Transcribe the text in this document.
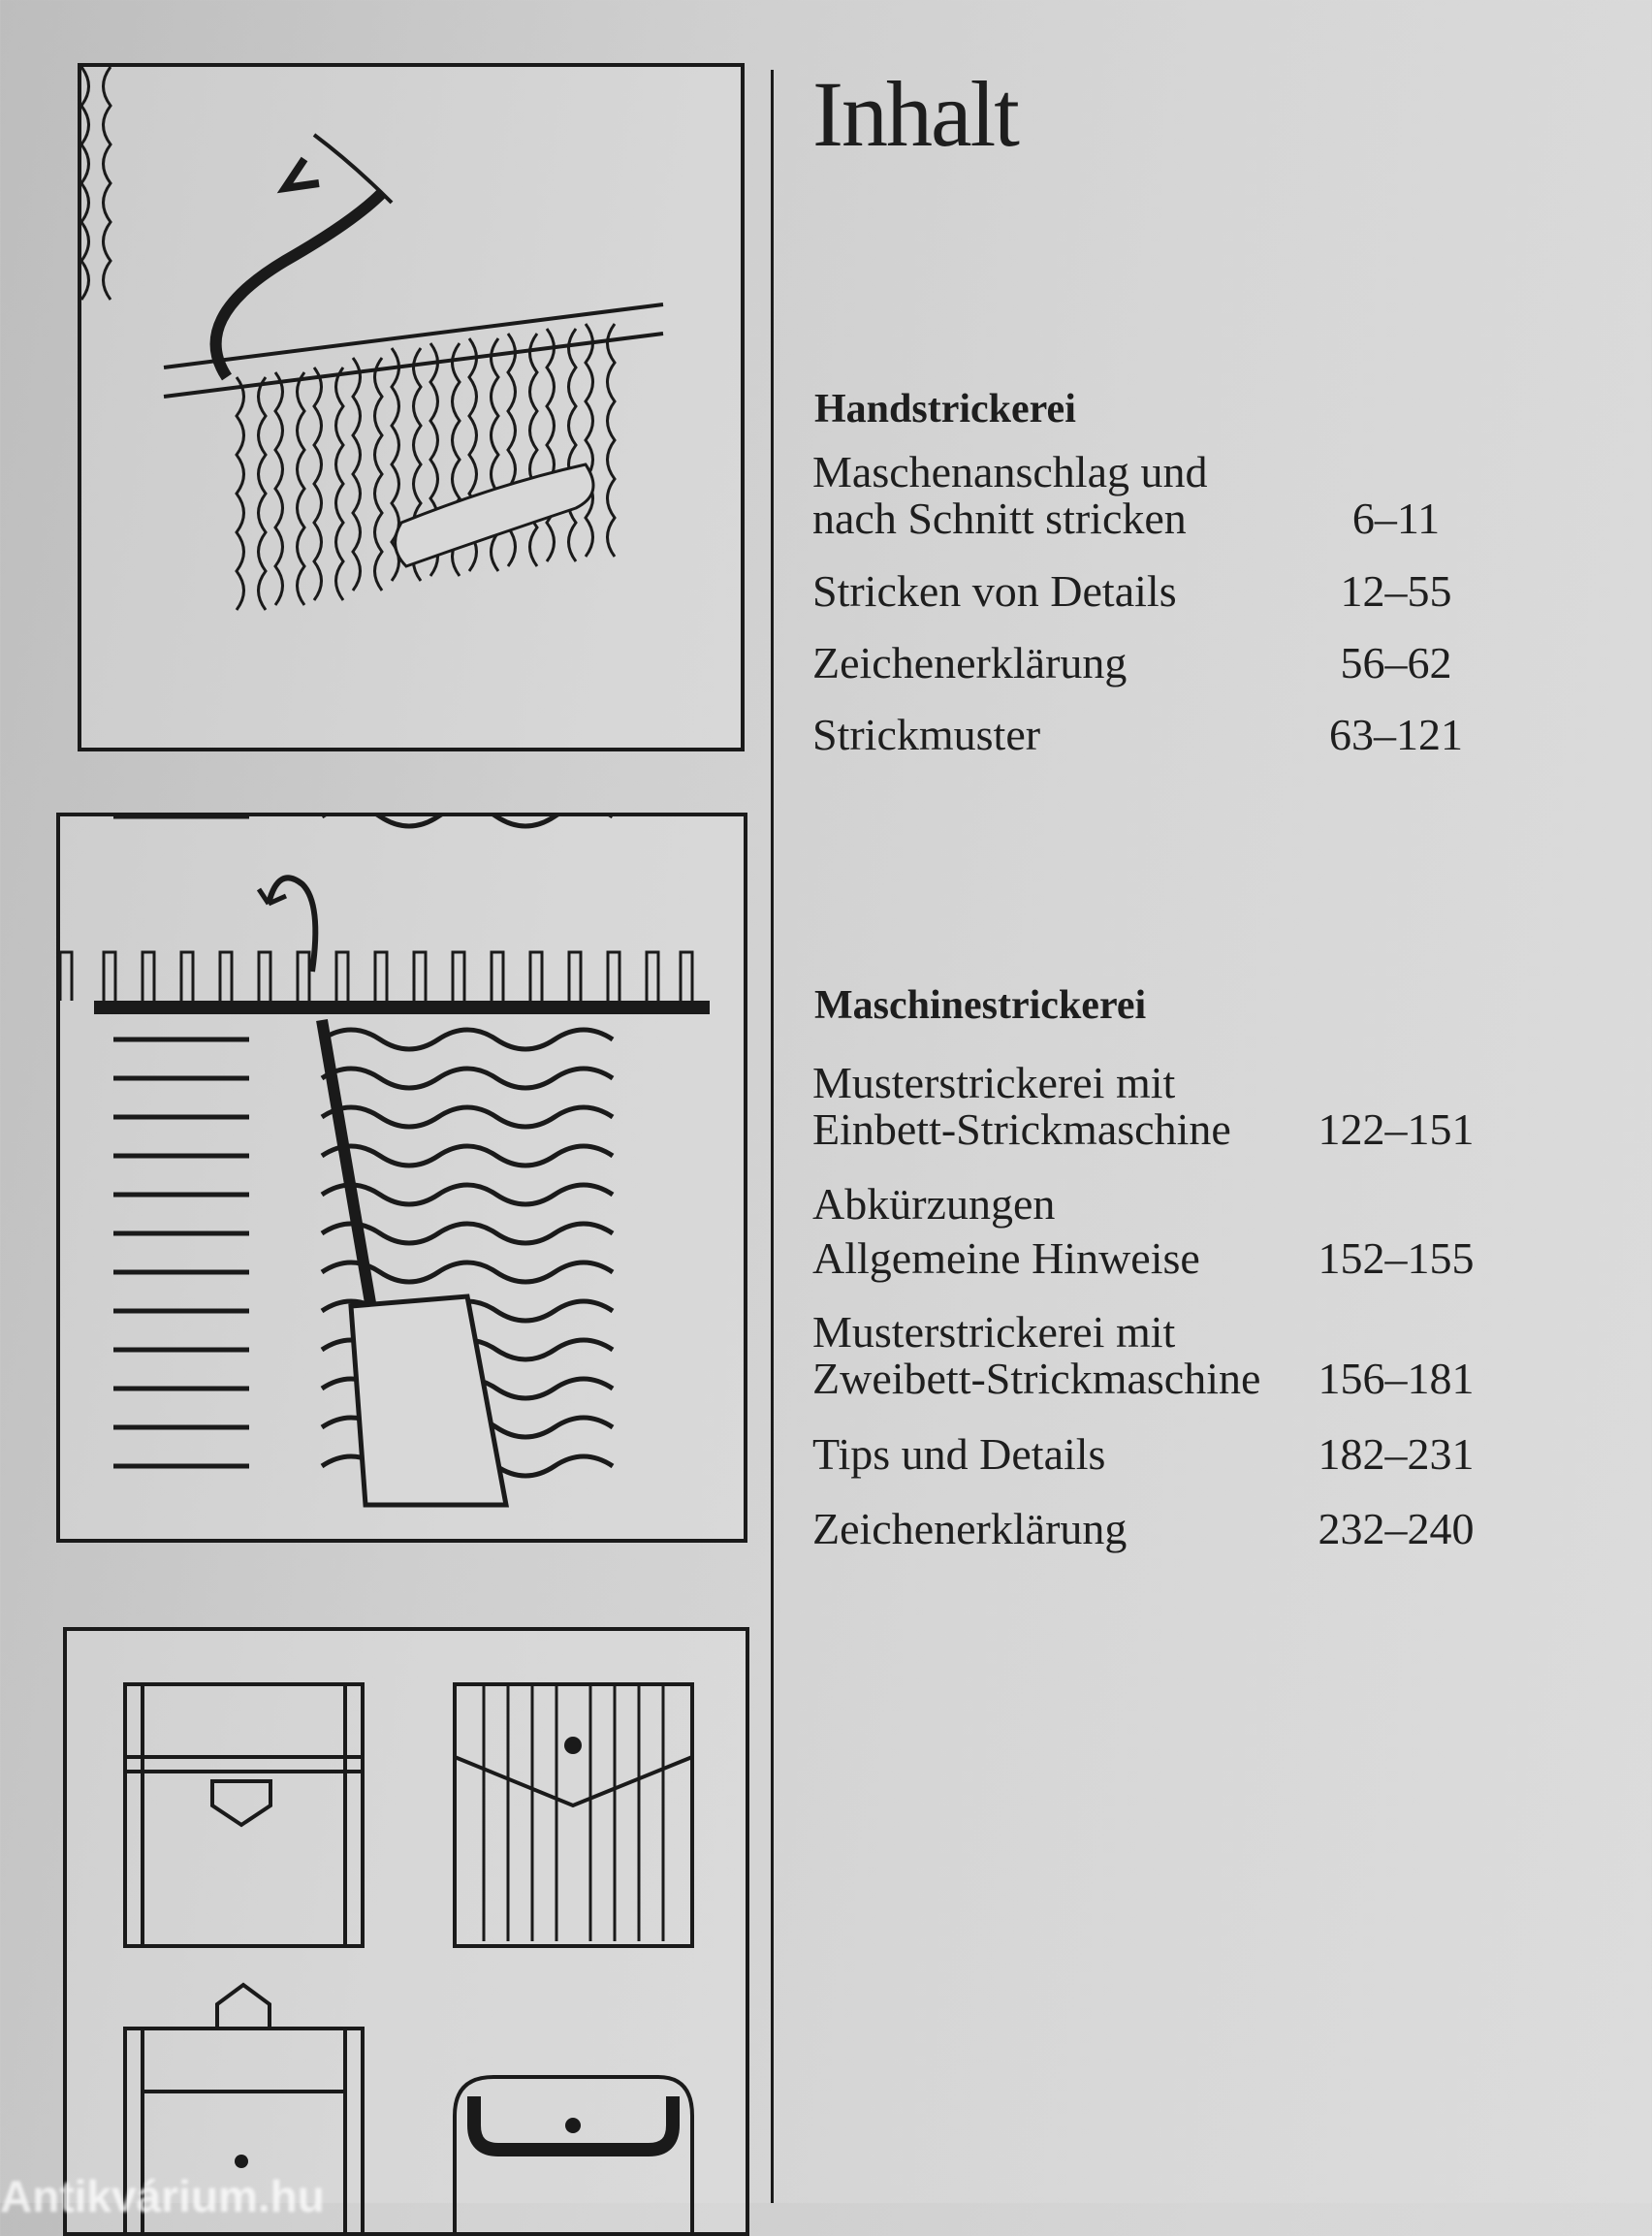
Inhalt
Handstrickerei
Maschenanschlag und
nach Schnitt stricken	6–11
Stricken von Details	12–55
Zeichenerklärung	56–62
Strickmuster	63–121
Maschinestrickerei
Musterstrickerei mit
Einbett-Strickmaschine	122–151
Abkürzungen
Allgemeine Hinweise	152–155
Musterstrickerei mit
Zweibett-Strickmaschine	156–181
Tips und Details	182–231
Zeichenerklärung	232–240
Antikvárium.hu
